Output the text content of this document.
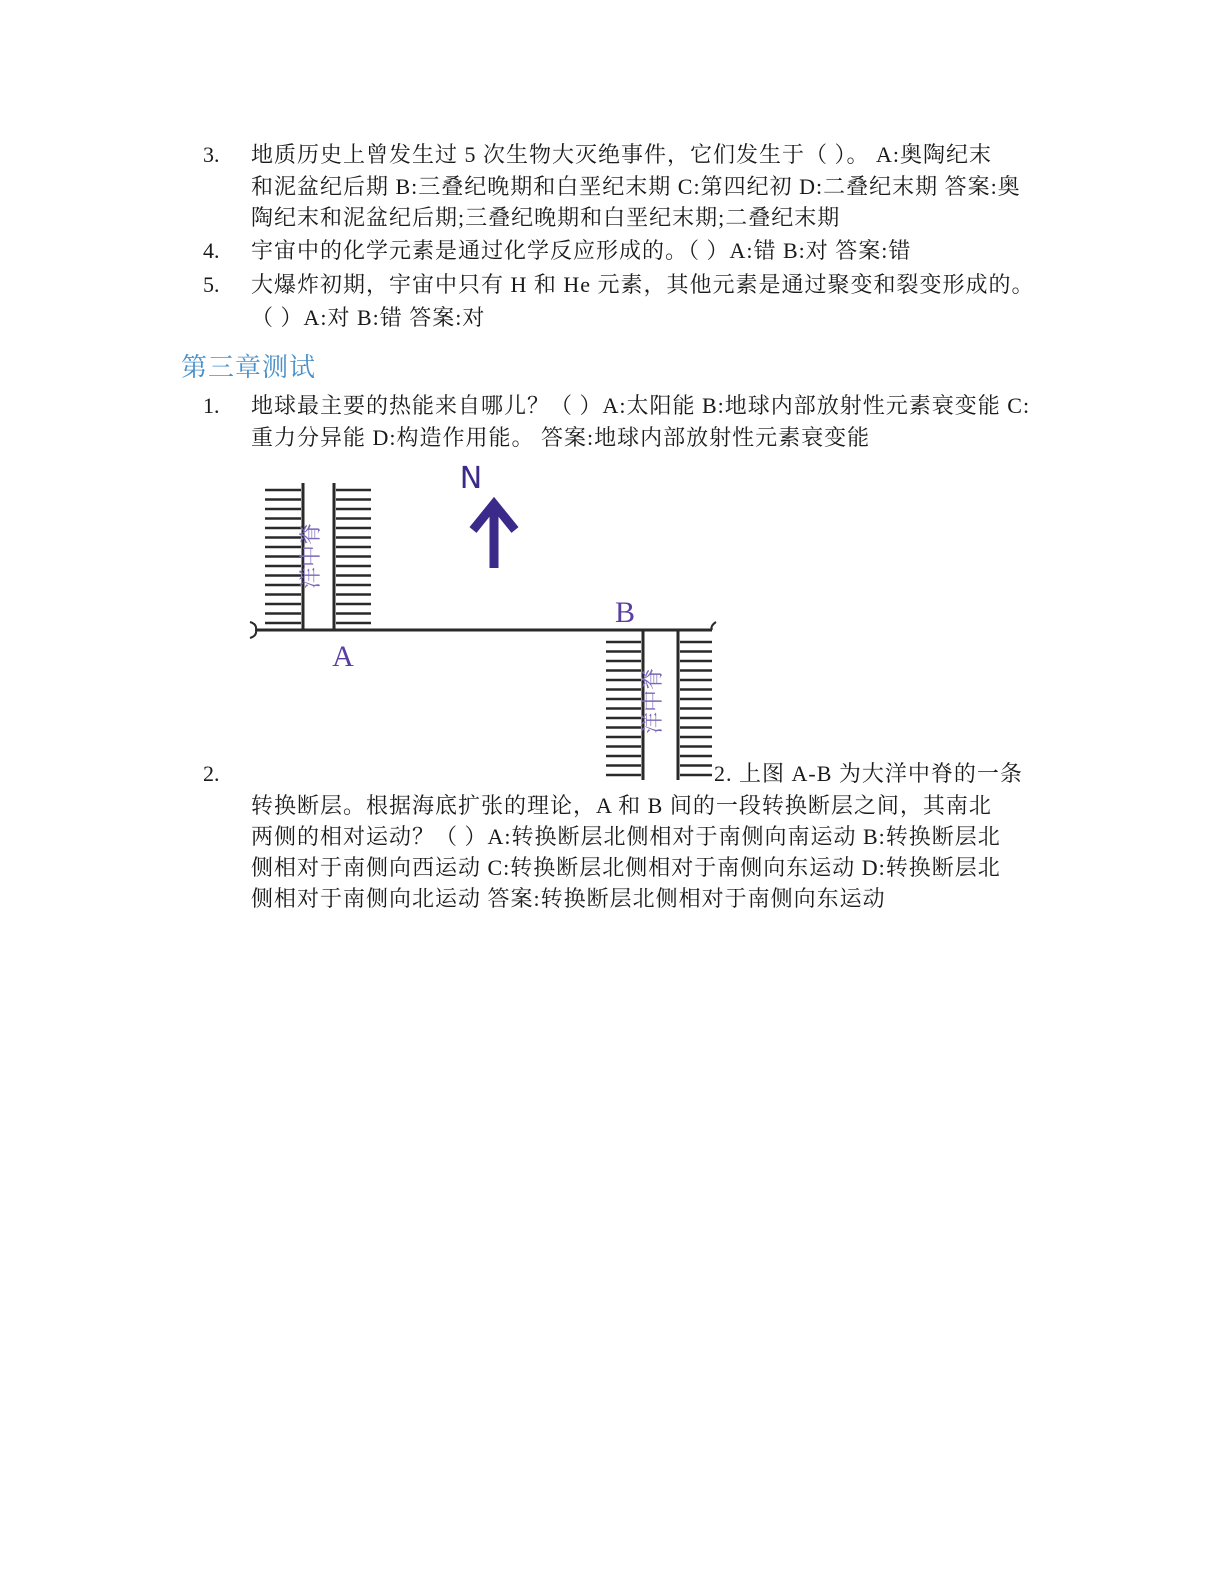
3. 地质历史上曾发生过 5 次生物大灭绝事件，它们发生于（ ）。 A:奥陶纪末
和泥盆纪后期 B:三叠纪晚期和白垩纪末期 C:第四纪初 D:二叠纪末期 答案:奥
陶纪末和泥盆纪后期;三叠纪晚期和白垩纪末期;二叠纪末期
4. 宇宙中的化学元素是通过化学反应形成的。（ ）A:错 B:对 答案:错
5. 大爆炸初期，宇宙中只有 H 和 He 元素，其他元素是通过聚变和裂变形成的。
（ ）A:对 B:错 答案:对
第三章测试
1. 地球最主要的热能来自哪儿？（ ）A:太阳能 B:地球内部放射性元素衰变能 C:
重力分异能 D:构造作用能。 答案:地球内部放射性元素衰变能
洋中脊
洋中脊
A
B
N
2.	2. 上图 A-B 为大洋中脊的一条
转换断层。根据海底扩张的理论，A 和 B 间的一段转换断层之间，其南北
两侧的相对运动？（ ）A:转换断层北侧相对于南侧向南运动 B:转换断层北
侧相对于南侧向西运动 C:转换断层北侧相对于南侧向东运动 D:转换断层北
侧相对于南侧向北运动 答案:转换断层北侧相对于南侧向东运动
